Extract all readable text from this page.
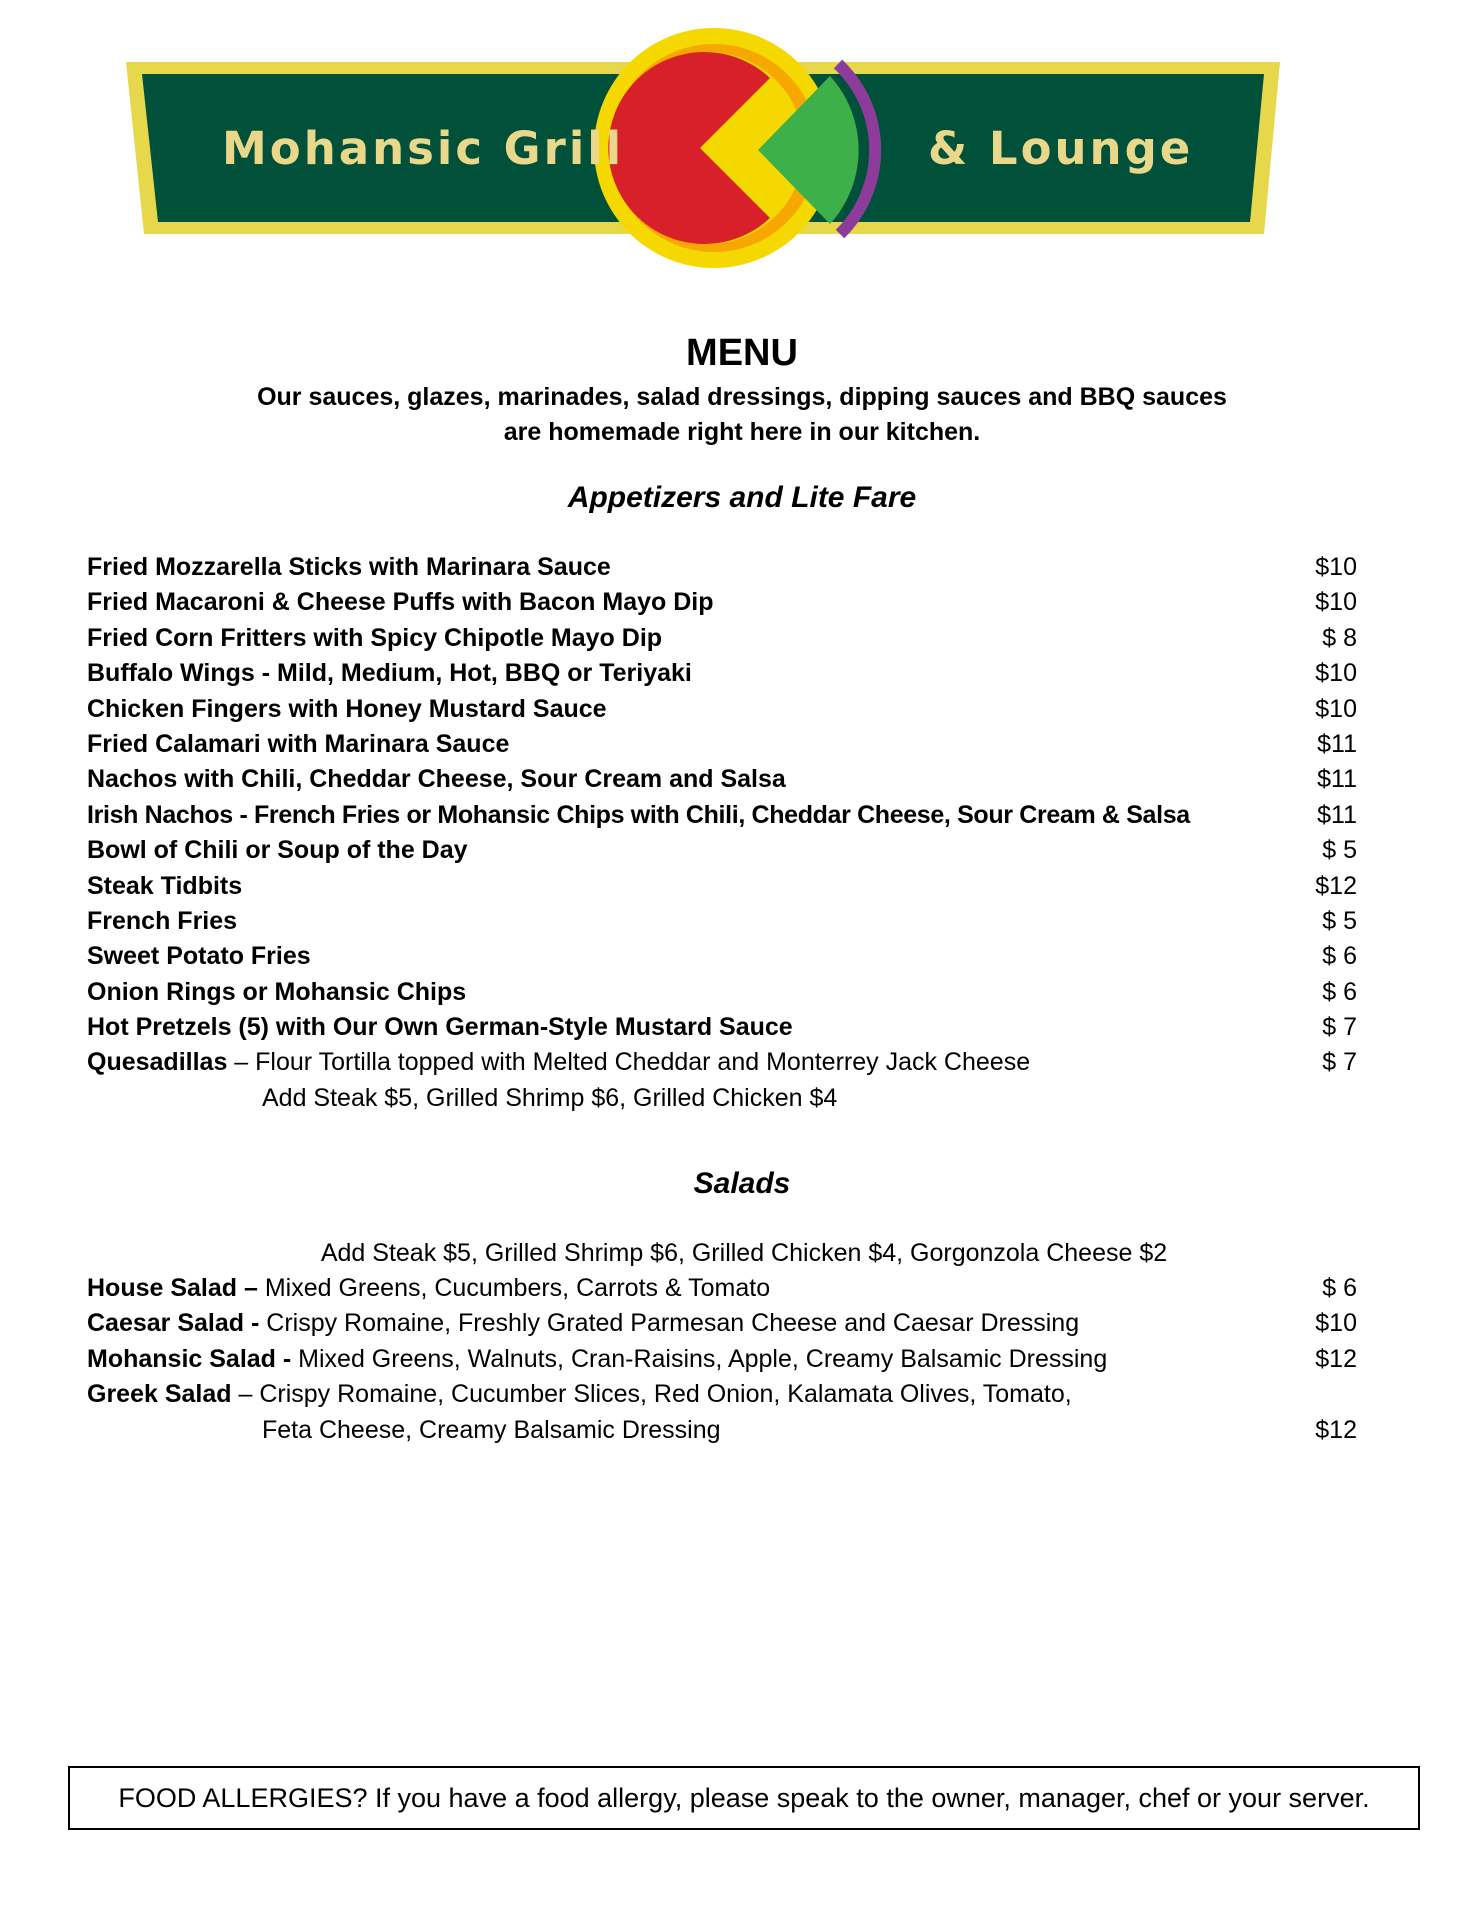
Mohansic Grill	& Lounge
MENU
Our sauces, glazes, marinades, salad dressings, dipping sauces and BBQ sauces
are homemade right here in our kitchen.
Appetizers and Lite Fare
Fried Mozzarella Sticks with Marinara Sauce	$10
Fried Macaroni & Cheese Puffs with Bacon Mayo Dip	$10
Fried Corn Fritters with Spicy Chipotle Mayo Dip	$ 8
Buffalo Wings - Mild, Medium, Hot, BBQ or Teriyaki	$10
Chicken Fingers with Honey Mustard Sauce	$10
Fried Calamari with Marinara Sauce	$11
Nachos with Chili, Cheddar Cheese, Sour Cream and Salsa	$11
Irish Nachos - French Fries or Mohansic Chips with Chili, Cheddar Cheese, Sour Cream & Salsa	$11
Bowl of Chili or Soup of the Day	$ 5
Steak Tidbits	$12
French Fries	$ 5
Sweet Potato Fries	$ 6
Onion Rings or Mohansic Chips	$ 6
Hot Pretzels (5) with Our Own German-Style Mustard Sauce	$ 7
Quesadillas – Flour Tortilla topped with Melted Cheddar and Monterrey Jack Cheese	$ 7
Add Steak $5, Grilled Shrimp $6, Grilled Chicken $4
Salads
Add Steak $5, Grilled Shrimp $6, Grilled Chicken $4, Gorgonzola Cheese $2
House Salad – Mixed Greens, Cucumbers, Carrots & Tomato	$ 6
Caesar Salad - Crispy Romaine, Freshly Grated Parmesan Cheese and Caesar Dressing	$10
Mohansic Salad - Mixed Greens, Walnuts, Cran-Raisins, Apple, Creamy Balsamic Dressing	$12
Greek Salad – Crispy Romaine, Cucumber Slices, Red Onion, Kalamata Olives, Tomato,
Feta Cheese, Creamy Balsamic Dressing	$12
FOOD ALLERGIES? If you have a food allergy, please speak to the owner, manager, chef or your server.
